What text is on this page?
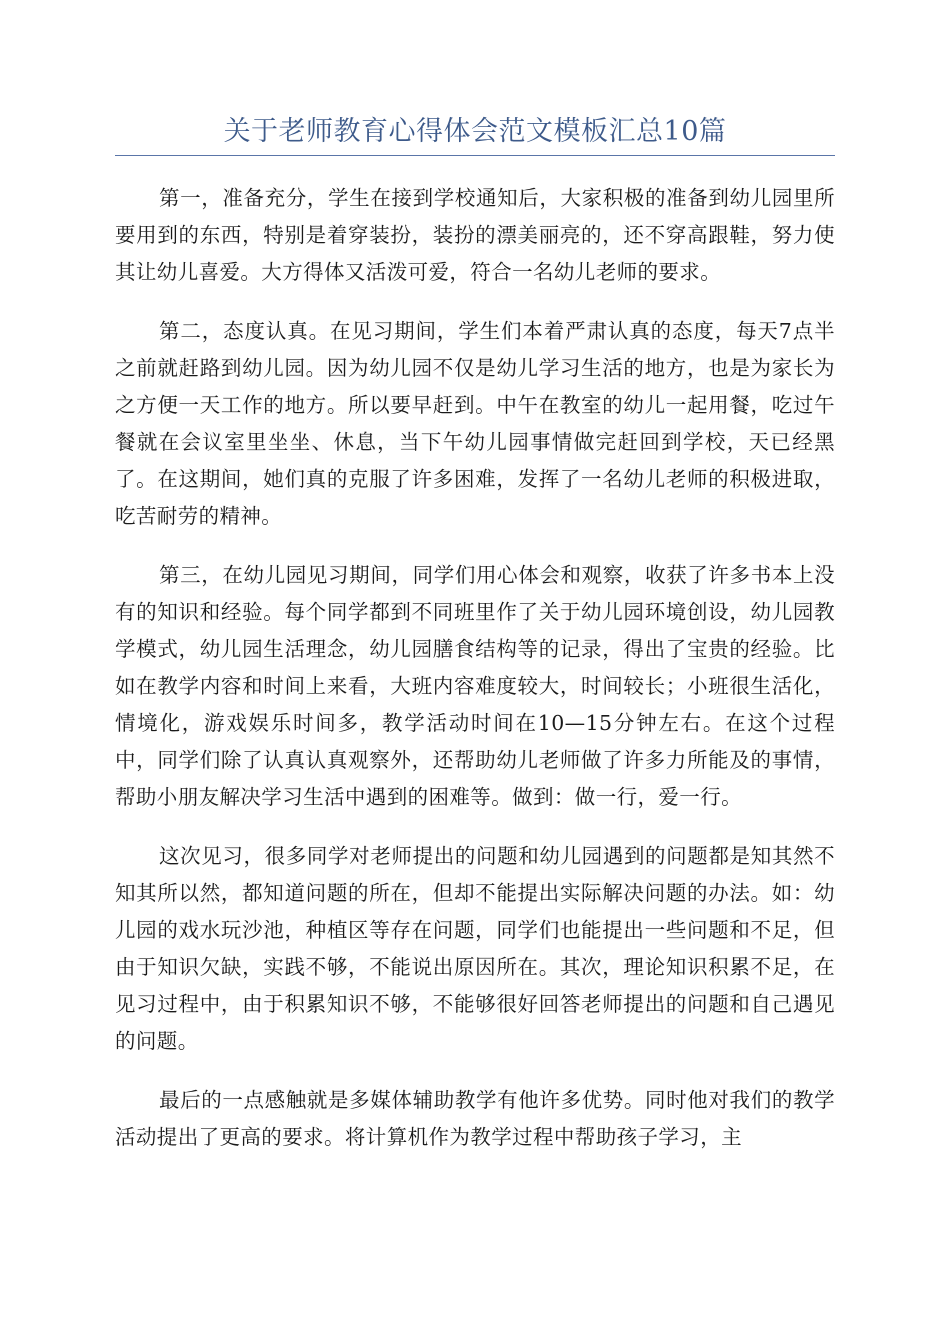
关于老师教育心得体会范文模板汇总10篇

第一，准备充分，学生在接到学校通知后，大家积极的准备到幼儿园里所要用到的东西，特别是着穿装扮，装扮的漂美丽亮的，还不穿高跟鞋，努力使其让幼儿喜爱。大方得体又活泼可爱，符合一名幼儿老师的要求。

第二，态度认真。在见习期间，学生们本着严肃认真的态度，每天7点半之前就赶路到幼儿园。因为幼儿园不仅是幼儿学习生活的地方，也是为家长为之方便一天工作的地方。所以要早赶到。中午在教室的幼儿一起用餐，吃过午餐就在会议室里坐坐、休息，当下午幼儿园事情做完赶回到学校，天已经黑了。在这期间，她们真的克服了许多困难，发挥了一名幼儿老师的积极进取，吃苦耐劳的精神。

第三，在幼儿园见习期间，同学们用心体会和观察，收获了许多书本上没有的知识和经验。每个同学都到不同班里作了关于幼儿园环境创设，幼儿园教学模式，幼儿园生活理念，幼儿园膳食结构等的记录，得出了宝贵的经验。比如在教学内容和时间上来看，大班内容难度较大，时间较长；小班很生活化，情境化，游戏娱乐时间多，教学活动时间在10—15分钟左右。在这个过程中，同学们除了认真认真观察外，还帮助幼儿老师做了许多力所能及的事情，帮助小朋友解决学习生活中遇到的困难等。做到：做一行，爱一行。

这次见习，很多同学对老师提出的问题和幼儿园遇到的问题都是知其然不知其所以然，都知道问题的所在，但却不能提出实际解决问题的办法。如：幼儿园的戏水玩沙池，种植区等存在问题，同学们也能提出一些问题和不足，但由于知识欠缺，实践不够，不能说出原因所在。其次，理论知识积累不足，在见习过程中，由于积累知识不够，不能够很好回答老师提出的问题和自己遇见的问题。

最后的一点感触就是多媒体辅助教学有他许多优势。同时他对我们的教学活动提出了更高的要求。将计算机作为教学过程中帮助孩子学习，主
